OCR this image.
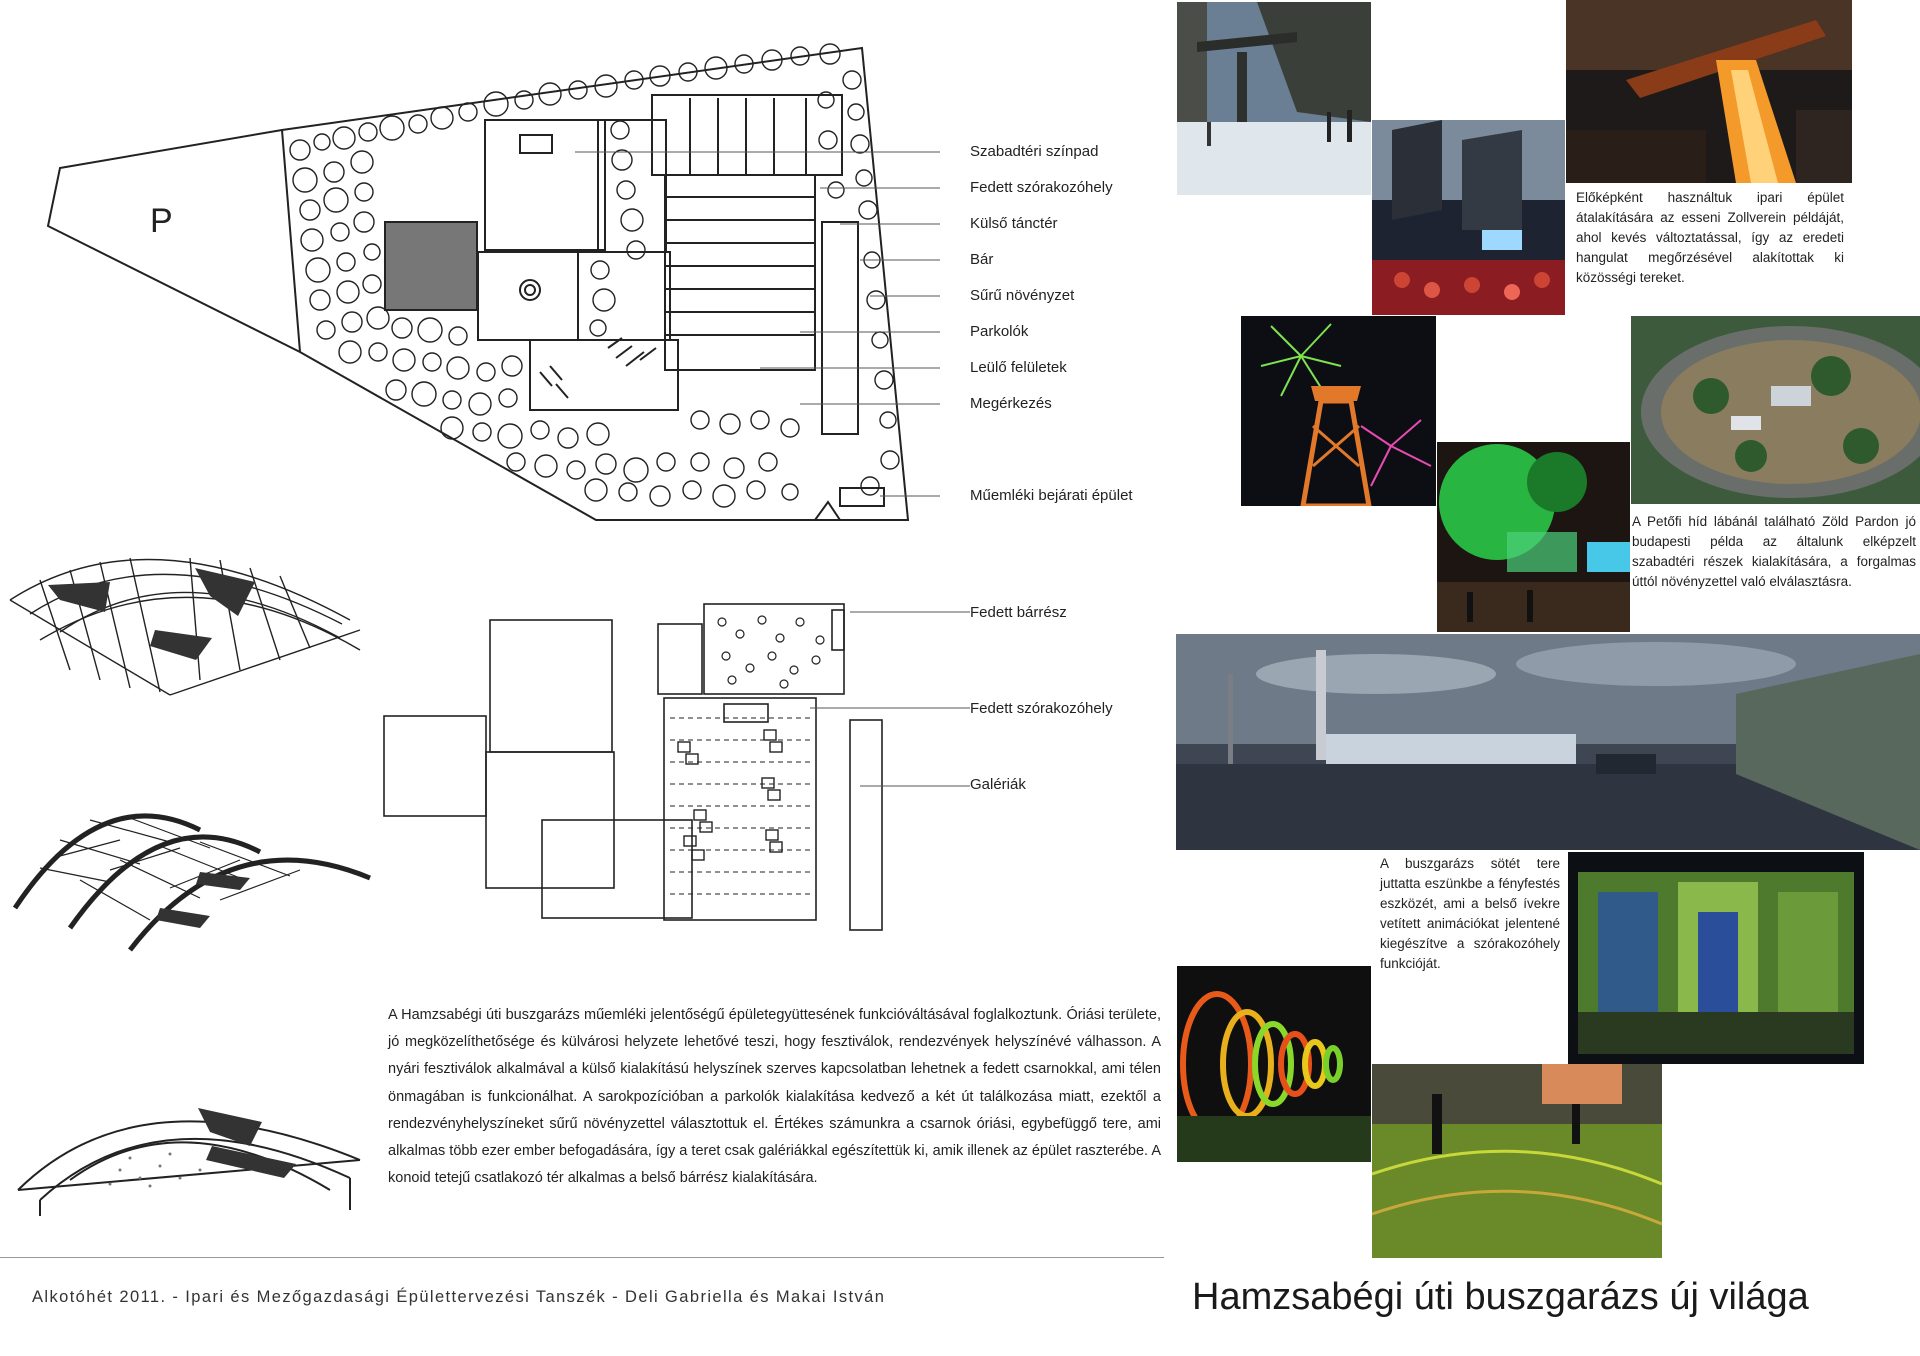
P
Szabadtéri színpad
Fedett szórakozóhely
Külső tánctér
Bár
Sűrű növényzet
Parkolók
Leülő felületek
Megérkezés
Műemléki bejárati épület
Fedett bárrész
Fedett szórakozóhely
Galériák
A Hamzsabégi úti buszgarázs műemléki jelentőségű épületegyüttesének funkcióváltásával foglalkoztunk. Óriási területe, jó megközelíthetősége és külvárosi helyzete lehetővé teszi, hogy fesztiválok, rendezvények helyszínévé válhasson. A nyári fesztiválok alkalmával a külső kialakítású helyszínek szerves kapcsolatban lehetnek a fedett csarnokkal, ami télen önmagában is funkcionálhat. A sarokpozícióban a parkolók kialakítása kedvező a két út találkozása miatt, ezektől a rendezvényhelyszíneket sűrű növényzettel választottuk el. Értékes számunkra a csarnok óriási, egybefüggő tere, ami alkalmas több ezer ember befogadására, így a teret csak galériákkal egészítettük ki, amik illenek az épület raszterébe. A konoid tetejű csatlakozó tér alkalmas a belső bárrész kialakítására.
Előképként használtuk ipari épület átalakítására az esseni Zollverein példáját, ahol kevés változtatással, így az eredeti hangulat megőrzésével alakítottak ki közösségi tereket.
A Petőfi híd lábánál található Zöld Pardon jó budapesti példa az általunk elképzelt szabadtéri részek kialakítására, a forgalmas úttól növényzettel való elválasztásra.
A buszgarázs sötét tere juttatta eszünkbe a fényfestés eszközét, ami a belső ívekre vetített animációkat jelentené kiegészítve a szórakozóhely funkcióját.
Alkotóhét 2011. - Ipari és Mezőgazdasági Épülettervezési Tanszék - Deli Gabriella és Makai István	Hamzsabégi úti buszgarázs új világa
